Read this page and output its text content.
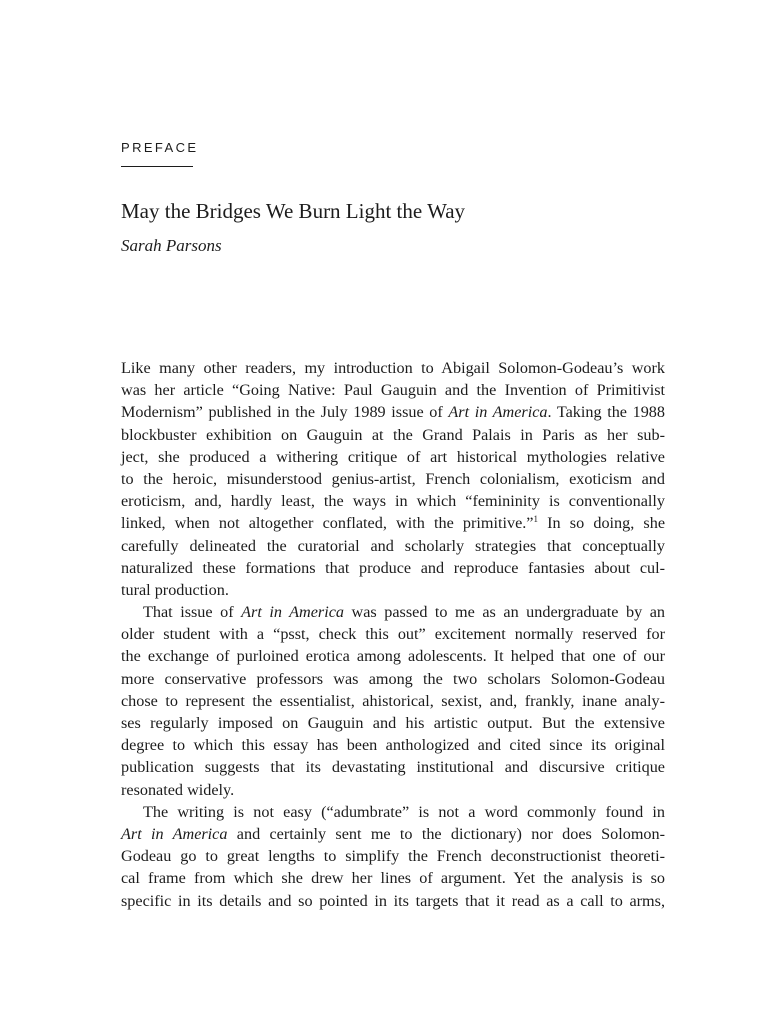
PREFACE
May the Bridges We Burn Light the Way
Sarah Parsons
Like many other readers, my introduction to Abigail Solomon-Godeau’s work
was her article “Going Native: Paul Gauguin and the Invention of Primitivist
Modernism” published in the July 1989 issue of Art in America. Taking the 1988
blockbuster exhibition on Gauguin at the Grand Palais in Paris as her sub-
ject, she produced a withering critique of art historical mythologies relative
to the heroic, misunderstood genius-artist, French colonialism, exoticism and
eroticism, and, hardly least, the ways in which “femininity is conventionally
linked, when not altogether conflated, with the primitive.”$^1$ In so doing, she
carefully delineated the curatorial and scholarly strategies that conceptually
naturalized these formations that produce and reproduce fantasies about cul-
tural production.
That issue of Art in America was passed to me as an undergraduate by an
older student with a “psst, check this out” excitement normally reserved for
the exchange of purloined erotica among adolescents. It helped that one of our
more conservative professors was among the two scholars Solomon-Godeau
chose to represent the essentialist, ahistorical, sexist, and, frankly, inane analy-
ses regularly imposed on Gauguin and his artistic output. But the extensive
degree to which this essay has been anthologized and cited since its original
publication suggests that its devastating institutional and discursive critique
resonated widely.
The writing is not easy (“adumbrate” is not a word commonly found in
Art in America and certainly sent me to the dictionary) nor does Solomon-
Godeau go to great lengths to simplify the French deconstructionist theoreti-
cal frame from which she drew her lines of argument. Yet the analysis is so
specific in its details and so pointed in its targets that it read as a call to arms,
